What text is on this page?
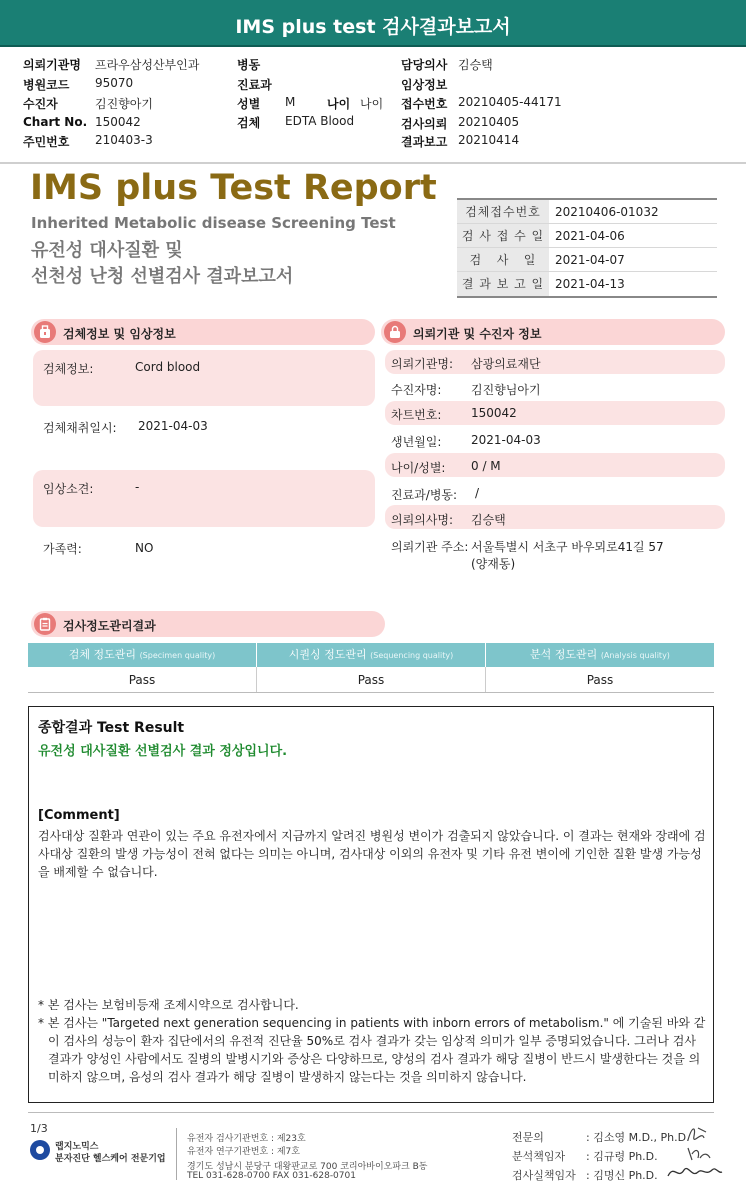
IMS plus test 검사결과보고서
의뢰기관명 프라우삼성산부인과
병원코드 95070
수진자	김진향아기
Chart No. 150042
주민번호 210403-3
병동
진료과
성별 M	나이 나이
검체 EDTA Blood
담당의사 김승택
임상정보
접수번호 20210405-44171
검사의뢰 20210405
결과보고 20210414
IMS plus Test Report
Inherited Metabolic disease Screening Test
유전성 대사질환 및
선천성 난청 선별검사 결과보고서
검체접수번호	20210406-01032
검 사 접 수 일 2021-04-06
검   사   일	2021-04-07
결 과 보 고 일 2021-04-13
검체정보 및 임상정보
검체정보:	Cord blood
검체채취일시: 2021-04-03
임상소견:	-
가족력:	NO
의뢰기관 및 수진자 정보
의뢰기관명: 삼광의료재단
수진자명: 김진향님아기
차트번호: 150042
생년월일: 2021-04-03
나이/성별: 0 / M
진료과/병동: /
의뢰의사명: 김승택
의뢰기관 주소: 서울특별시 서초구 바우뫼로41길 57
(양재동)
검사정도관리결과
검체 정도관리 (Specimen quality)	시퀀싱 정도관리 (Sequencing quality)	분석 정도관리 (Analysis quality)
Pass	Pass	Pass
종합결과 Test Result
유전성 대사질환 선별검사 결과 정상입니다.
[Comment]
검사대상 질환과 연관이 있는 주요 유전자에서 지금까지 알려진 병원성 변이가 검출되지 않았습니다. 이 결과는 현재와 장래에 검사대상 질환의 발생 가능성이 전혀 없다는 의미는 아니며, 검사대상 이외의 유전자 및 기타 유전 변이에 기인한 질환 발생 가능성을 배제할 수 없습니다.
* 본 검사는 보험비등재 조제시약으로 검사합니다.
* 본 검사는 "Targeted next generation sequencing in patients with inborn errors of metabolism." 에 기술된 바와 같이 검사의 성능이 환자 집단에서의 유전적 진단율 50%로 검사 결과가 갖는 임상적 의미가 일부 증명되었습니다. 그러나 검사 결과가 양성인 사람에서도 질병의 발병시기와 증상은 다양하므로, 양성의 검사 결과가 해당 질병이 반드시 발생한다는 것을 의미하지 않으며, 음성의 검사 결과가 해당 질병이 발생하지 않는다는 것을 의미하지 않습니다.
1/3
랩지노믹스
분자진단 헬스케어 전문기업
유전자 검사기관번호 : 제23호
유전자 연구기관번호 : 제7호
경기도 성남시 분당구 대왕판교로 700 코리아바이오파크 B동
TEL 031-628-0700 FAX 031-628-0701
전문의	: 김소영 M.D., Ph.D.
분석책임자 : 김규령 Ph.D.
검사실책임자 : 김명신 Ph.D.
